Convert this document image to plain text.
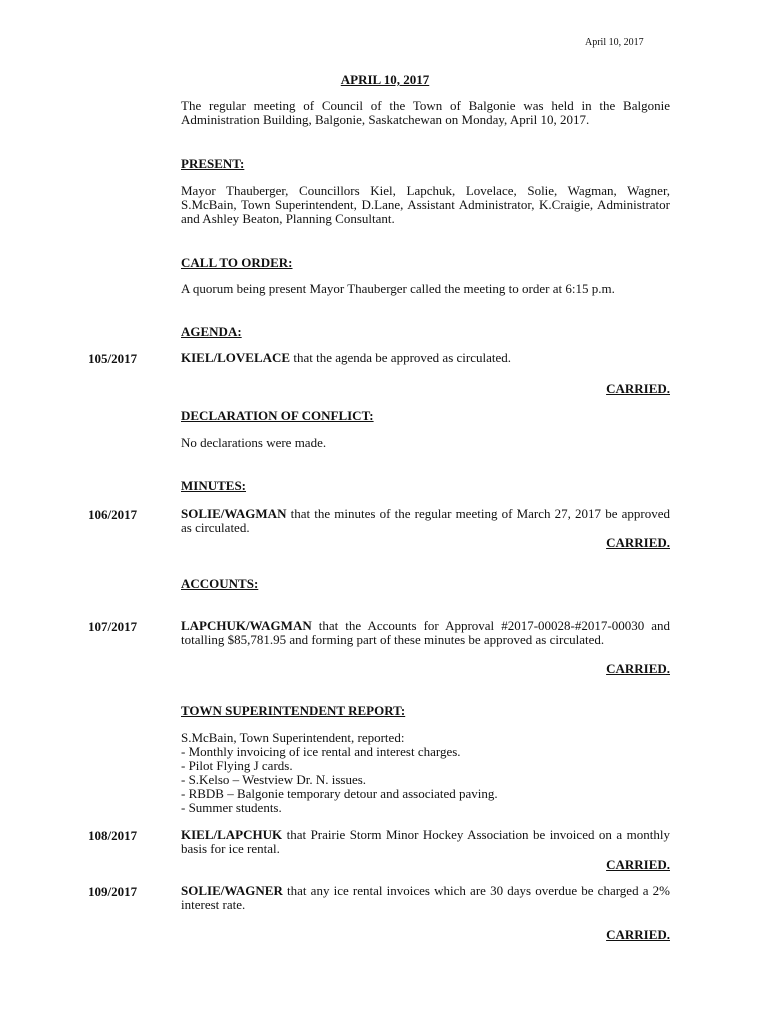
April 10, 2017
APRIL 10, 2017
The regular meeting of Council of the Town of Balgonie was held in the Balgonie Administration Building, Balgonie, Saskatchewan on Monday, April 10, 2017.
PRESENT:
Mayor Thauberger, Councillors Kiel, Lapchuk, Lovelace, Solie, Wagman, Wagner, S.McBain, Town Superintendent, D.Lane, Assistant Administrator, K.Craigie, Administrator and Ashley Beaton, Planning Consultant.
CALL TO ORDER:
A quorum being present Mayor Thauberger called the meeting to order at 6:15 p.m.
AGENDA:
105/2017	KIEL/LOVELACE that the agenda be approved as circulated.
CARRIED.
DECLARATION OF CONFLICT:
No declarations were made.
MINUTES:
106/2017	SOLIE/WAGMAN that the minutes of the regular meeting of March 27, 2017 be approved as circulated.
CARRIED.
ACCOUNTS:
107/2017	LAPCHUK/WAGMAN that the Accounts for Approval #2017-00028-#2017-00030 and totalling $85,781.95 and forming part of these minutes be approved as circulated.
CARRIED.
TOWN SUPERINTENDENT REPORT:
S.McBain, Town Superintendent, reported:
- Monthly invoicing of ice rental and interest charges.
- Pilot Flying J cards.
- S.Kelso – Westview Dr. N. issues.
- RBDB – Balgonie temporary detour and associated paving.
- Summer students.
108/2017	KIEL/LAPCHUK that Prairie Storm Minor Hockey Association be invoiced on a monthly basis for ice rental.
CARRIED.
109/2017	SOLIE/WAGNER that any ice rental invoices which are 30 days overdue be charged a 2% interest rate.
CARRIED.
